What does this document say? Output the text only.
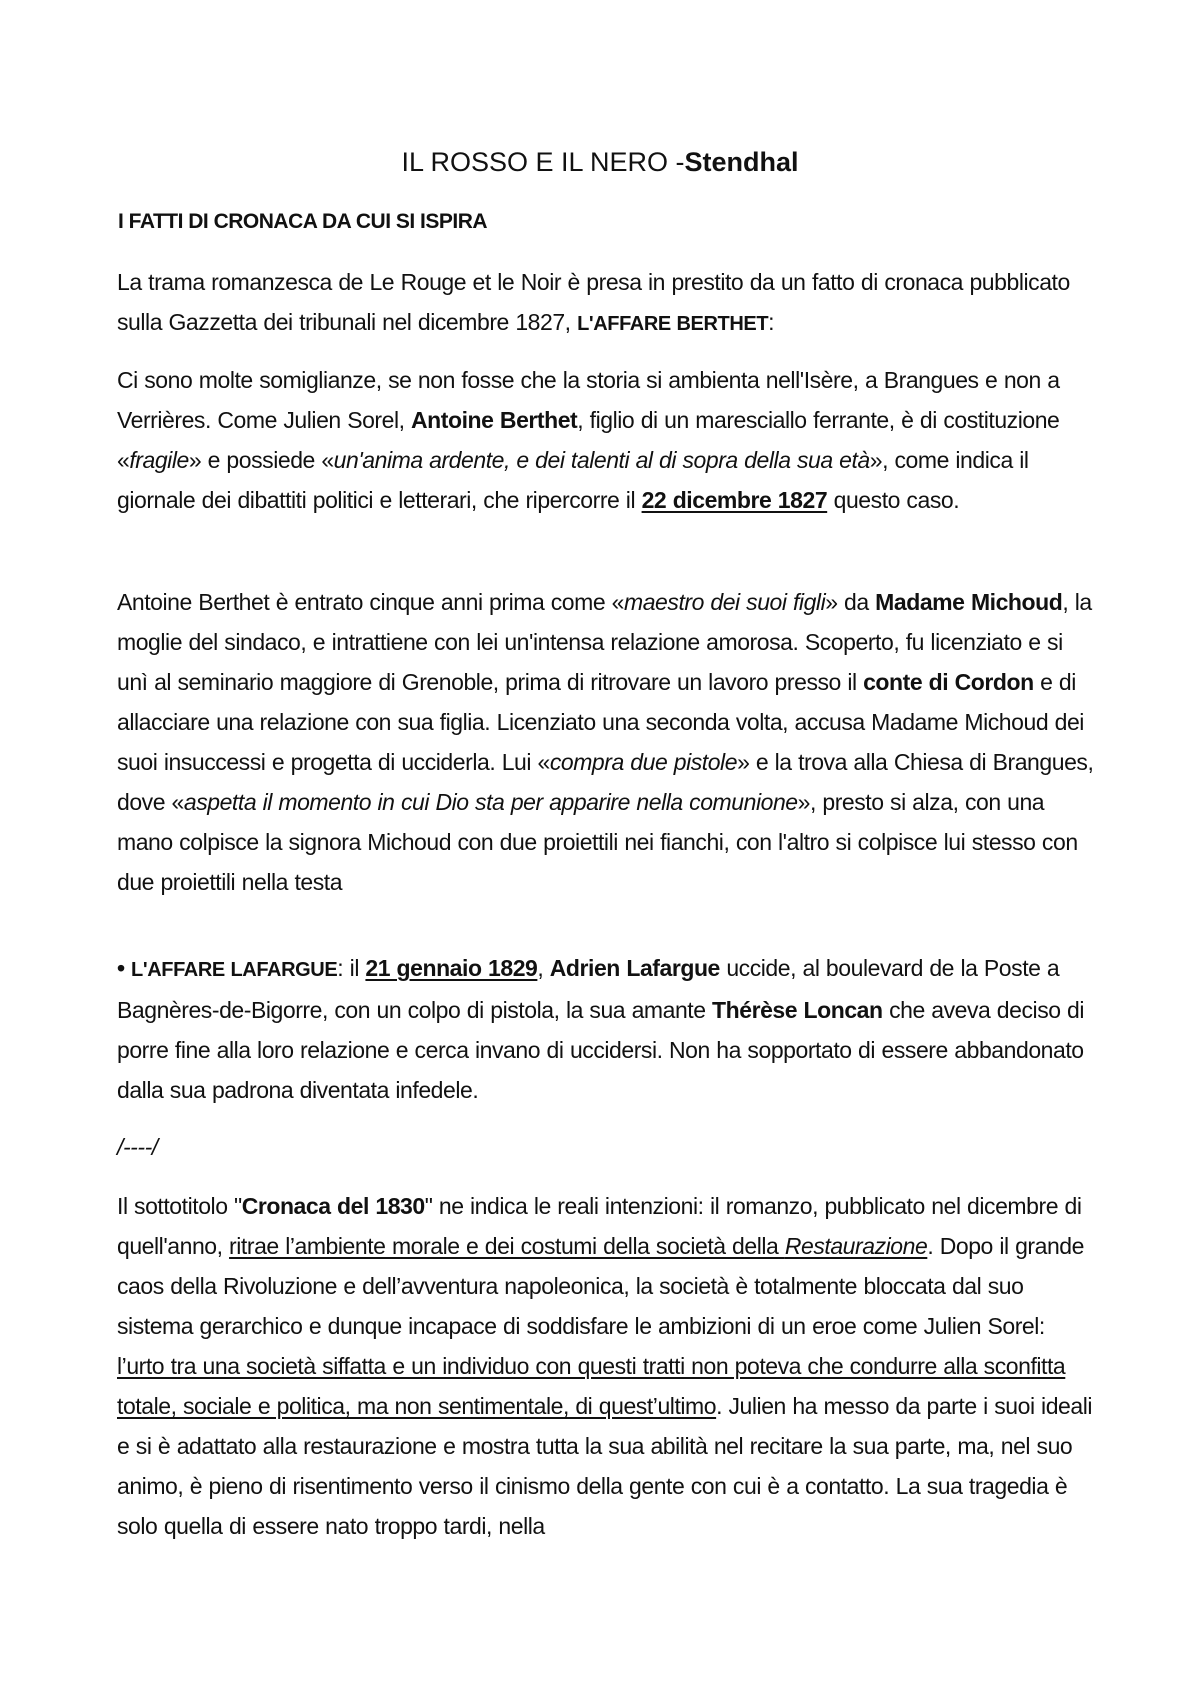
IL ROSSO E IL NERO -Stendhal
I FATTI DI CRONACA DA CUI SI ISPIRA
La trama romanzesca de Le Rouge et le Noir è presa in prestito da un fatto di cronaca pubblicato sulla Gazzetta dei tribunali nel dicembre 1827, L'AFFARE BERTHET:
Ci sono molte somiglianze, se non fosse che la storia si ambienta nell'Isère, a Brangues e non a Verrières. Come Julien Sorel, Antoine Berthet, figlio di un maresciallo ferrante, è di costituzione «fragile» e possiede «un'anima ardente, e dei talenti al di sopra della sua età», come indica il giornale dei dibattiti politici e letterari, che ripercorre il 22 dicembre 1827 questo caso.
Antoine Berthet è entrato cinque anni prima come «maestro dei suoi figli» da Madame Michoud, la moglie del sindaco, e intrattiene con lei un'intensa relazione amorosa. Scoperto, fu licenziato e si unì al seminario maggiore di Grenoble, prima di ritrovare un lavoro presso il conte di Cordon e di allacciare una relazione con sua figlia. Licenziato una seconda volta, accusa Madame Michoud dei suoi insuccessi e progetta di ucciderla. Lui «compra due pistole» e la trova alla Chiesa di Brangues, dove «aspetta il momento in cui Dio sta per apparire nella comunione», presto si alza, con una mano colpisce la signora Michoud con due proiettili nei fianchi, con l'altro si colpisce lui stesso con due proiettili nella testa
• L'AFFARE LAFARGUE: il 21 gennaio 1829, Adrien Lafargue uccide, al boulevard de la Poste a Bagnères-de-Bigorre, con un colpo di pistola, la sua amante Thérèse Loncan che aveva deciso di porre fine alla loro relazione e cerca invano di uccidersi. Non ha sopportato di essere abbandonato dalla sua padrona diventata infedele.
/----/
Il sottotitolo "Cronaca del 1830" ne indica le reali intenzioni: il romanzo, pubblicato nel dicembre di quell'anno, ritrae l’ambiente morale e dei costumi della società della Restaurazione. Dopo il grande caos della Rivoluzione e dell’avventura napoleonica, la società è totalmente bloccata dal suo sistema gerarchico e dunque incapace di soddisfare le ambizioni di un eroe come Julien Sorel: l’urto tra una società siffatta e un individuo con questi tratti non poteva che condurre alla sconfitta totale, sociale e politica, ma non sentimentale, di quest’ultimo. Julien ha messo da parte i suoi ideali e si è adattato alla restaurazione e mostra tutta la sua abilità nel recitare la sua parte, ma, nel suo animo, è pieno di risentimento verso il cinismo della gente con cui è a contatto. La sua tragedia è solo quella di essere nato troppo tardi, nella
